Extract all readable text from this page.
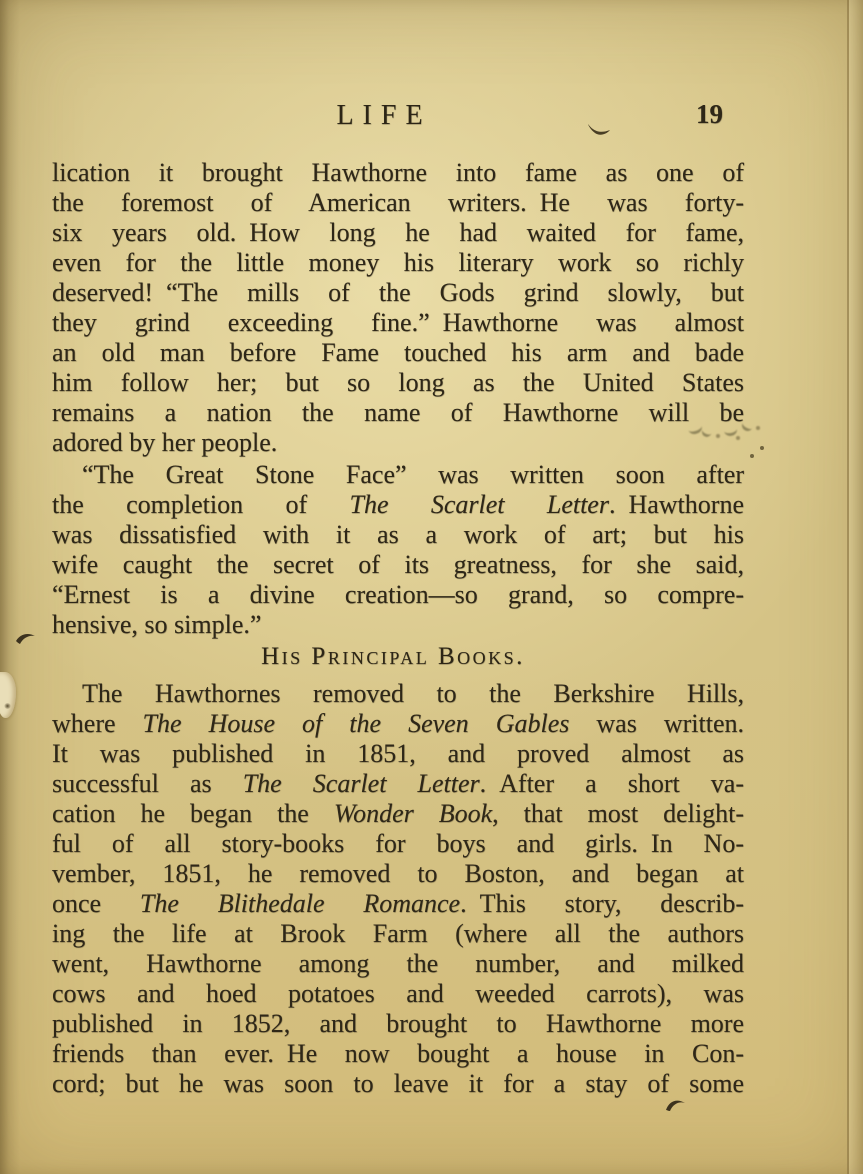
LIFE	19
lication it brought Hawthorne into fame as one of
the foremost of American writers. He was forty-
six years old. How long he had waited for fame,
even for the little money his literary work so richly
deserved! “The mills of the Gods grind slowly, but
they grind exceeding fine.” Hawthorne was almost
an old man before Fame touched his arm and bade
him follow her; but so long as the United States
remains a nation the name of Hawthorne will be
adored by her people.
“The Great Stone Face” was written soon after
the completion of The Scarlet Letter. Hawthorne
was dissatisfied with it as a work of art; but his
wife caught the secret of its greatness, for she said,
“Ernest is a divine creation—so grand, so compre-
hensive, so simple.”
His Principal Books.
The Hawthornes removed to the Berkshire Hills,
where The House of the Seven Gables was written.
It was published in 1851, and proved almost as
successful as The Scarlet Letter. After a short va-
cation he began the Wonder Book, that most delight-
ful of all story-books for boys and girls. In No-
vember, 1851, he removed to Boston, and began at
once The Blithedale Romance. This story, describ-
ing the life at Brook Farm (where all the authors
went, Hawthorne among the number, and milked
cows and hoed potatoes and weeded carrots), was
published in 1852, and brought to Hawthorne more
friends than ever. He now bought a house in Con-
cord; but he was soon to leave it for a stay of some
